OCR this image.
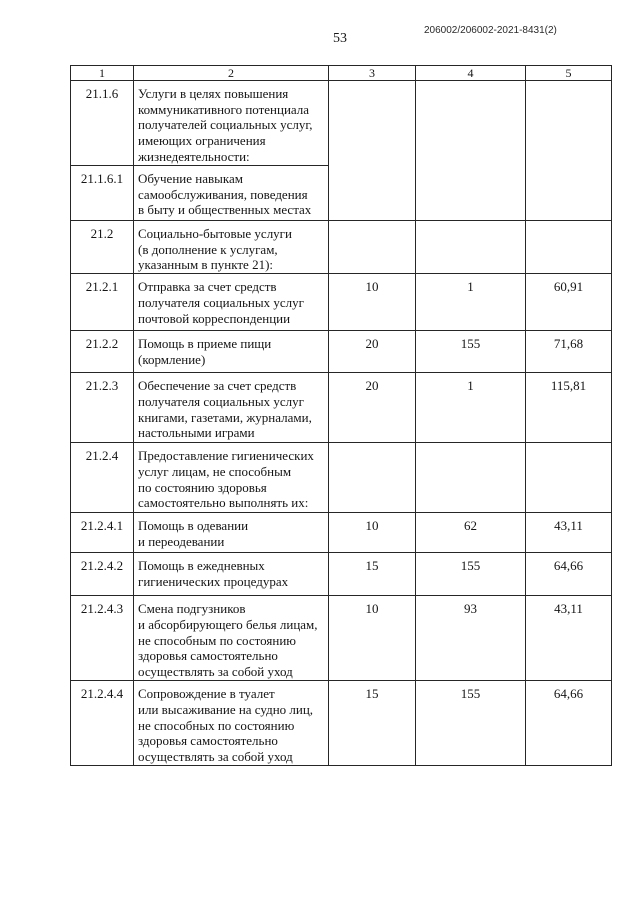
206002/206002-2021-8431(2)
53
1	2	3	4	5
21.1.6	Услуги в целях повышения
коммуникативного потенциала
получателей социальных услуг,
имеющих ограничения
жизнедеятельности:			
21.1.6.1	Обучение навыкам
самообслуживания, поведения
в быту и общественных местах			
21.2	Социально-бытовые услуги
(в дополнение к услугам,
указанным в пункте 21):			
21.2.1	Отправка за счет средств
получателя социальных услуг
почтовой корреспонденции	10	1	60,91
21.2.2	Помощь в приеме пищи
(кормление)	20	155	71,68
21.2.3	Обеспечение за счет средств
получателя социальных услуг
книгами, газетами, журналами,
настольными играми	20	1	115,81
21.2.4	Предоставление гигиенических
услуг лицам, не способным
по состоянию здоровья
самостоятельно выполнять их:			
21.2.4.1	Помощь в одевании
и переодевании	10	62	43,11
21.2.4.2	Помощь в ежедневных
гигиенических процедурах	15	155	64,66
21.2.4.3	Смена подгузников
и абсорбирующего белья лицам,
не способным по состоянию
здоровья самостоятельно
осуществлять за собой уход	10	93	43,11
21.2.4.4	Сопровождение в туалет
или высаживание на судно лиц,
не способных по состоянию
здоровья самостоятельно
осуществлять за собой уход	15	155	64,66
